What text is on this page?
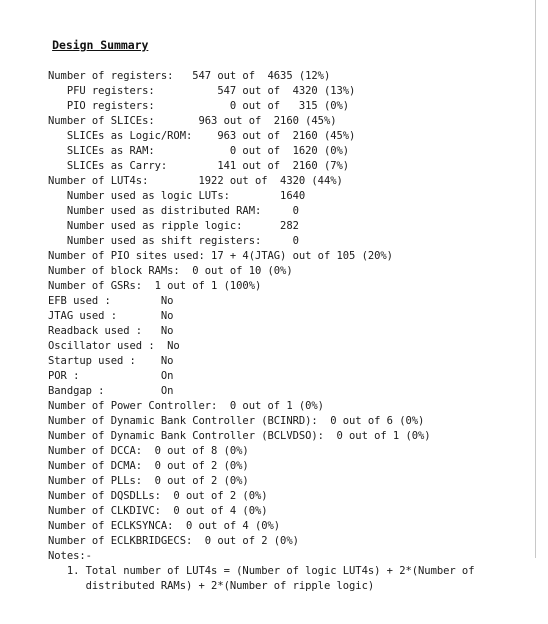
Design Summary

Number of registers:   547 out of  4635 (12%)
PFU registers:          547 out of  4320 (13%)
PIO registers:            0 out of   315 (0%)
Number of SLICEs:       963 out of  2160 (45%)
SLICEs as Logic/ROM:    963 out of  2160 (45%)
SLICEs as RAM:            0 out of  1620 (0%)
SLICEs as Carry:        141 out of  2160 (7%)
Number of LUT4s:        1922 out of  4320 (44%)
Number used as logic LUTs:        1640
Number used as distributed RAM:     0
Number used as ripple logic:      282
Number used as shift registers:     0
Number of PIO sites used: 17 + 4(JTAG) out of 105 (20%)
Number of block RAMs:  0 out of 10 (0%)
Number of GSRs:  1 out of 1 (100%)
EFB used :        No
JTAG used :       No
Readback used :   No
Oscillator used :  No
Startup used :    No
POR :             On
Bandgap :         On
Number of Power Controller:  0 out of 1 (0%)
Number of Dynamic Bank Controller (BCINRD):  0 out of 6 (0%)
Number of Dynamic Bank Controller (BCLVDSO):  0 out of 1 (0%)
Number of DCCA:  0 out of 8 (0%)
Number of DCMA:  0 out of 2 (0%)
Number of PLLs:  0 out of 2 (0%)
Number of DQSDLLs:  0 out of 2 (0%)
Number of CLKDIVC:  0 out of 4 (0%)
Number of ECLKSYNCA:  0 out of 4 (0%)
Number of ECLKBRIDGECS:  0 out of 2 (0%)
Notes:-
1. Total number of LUT4s = (Number of logic LUT4s) + 2*(Number of
distributed RAMs) + 2*(Number of ripple logic)
